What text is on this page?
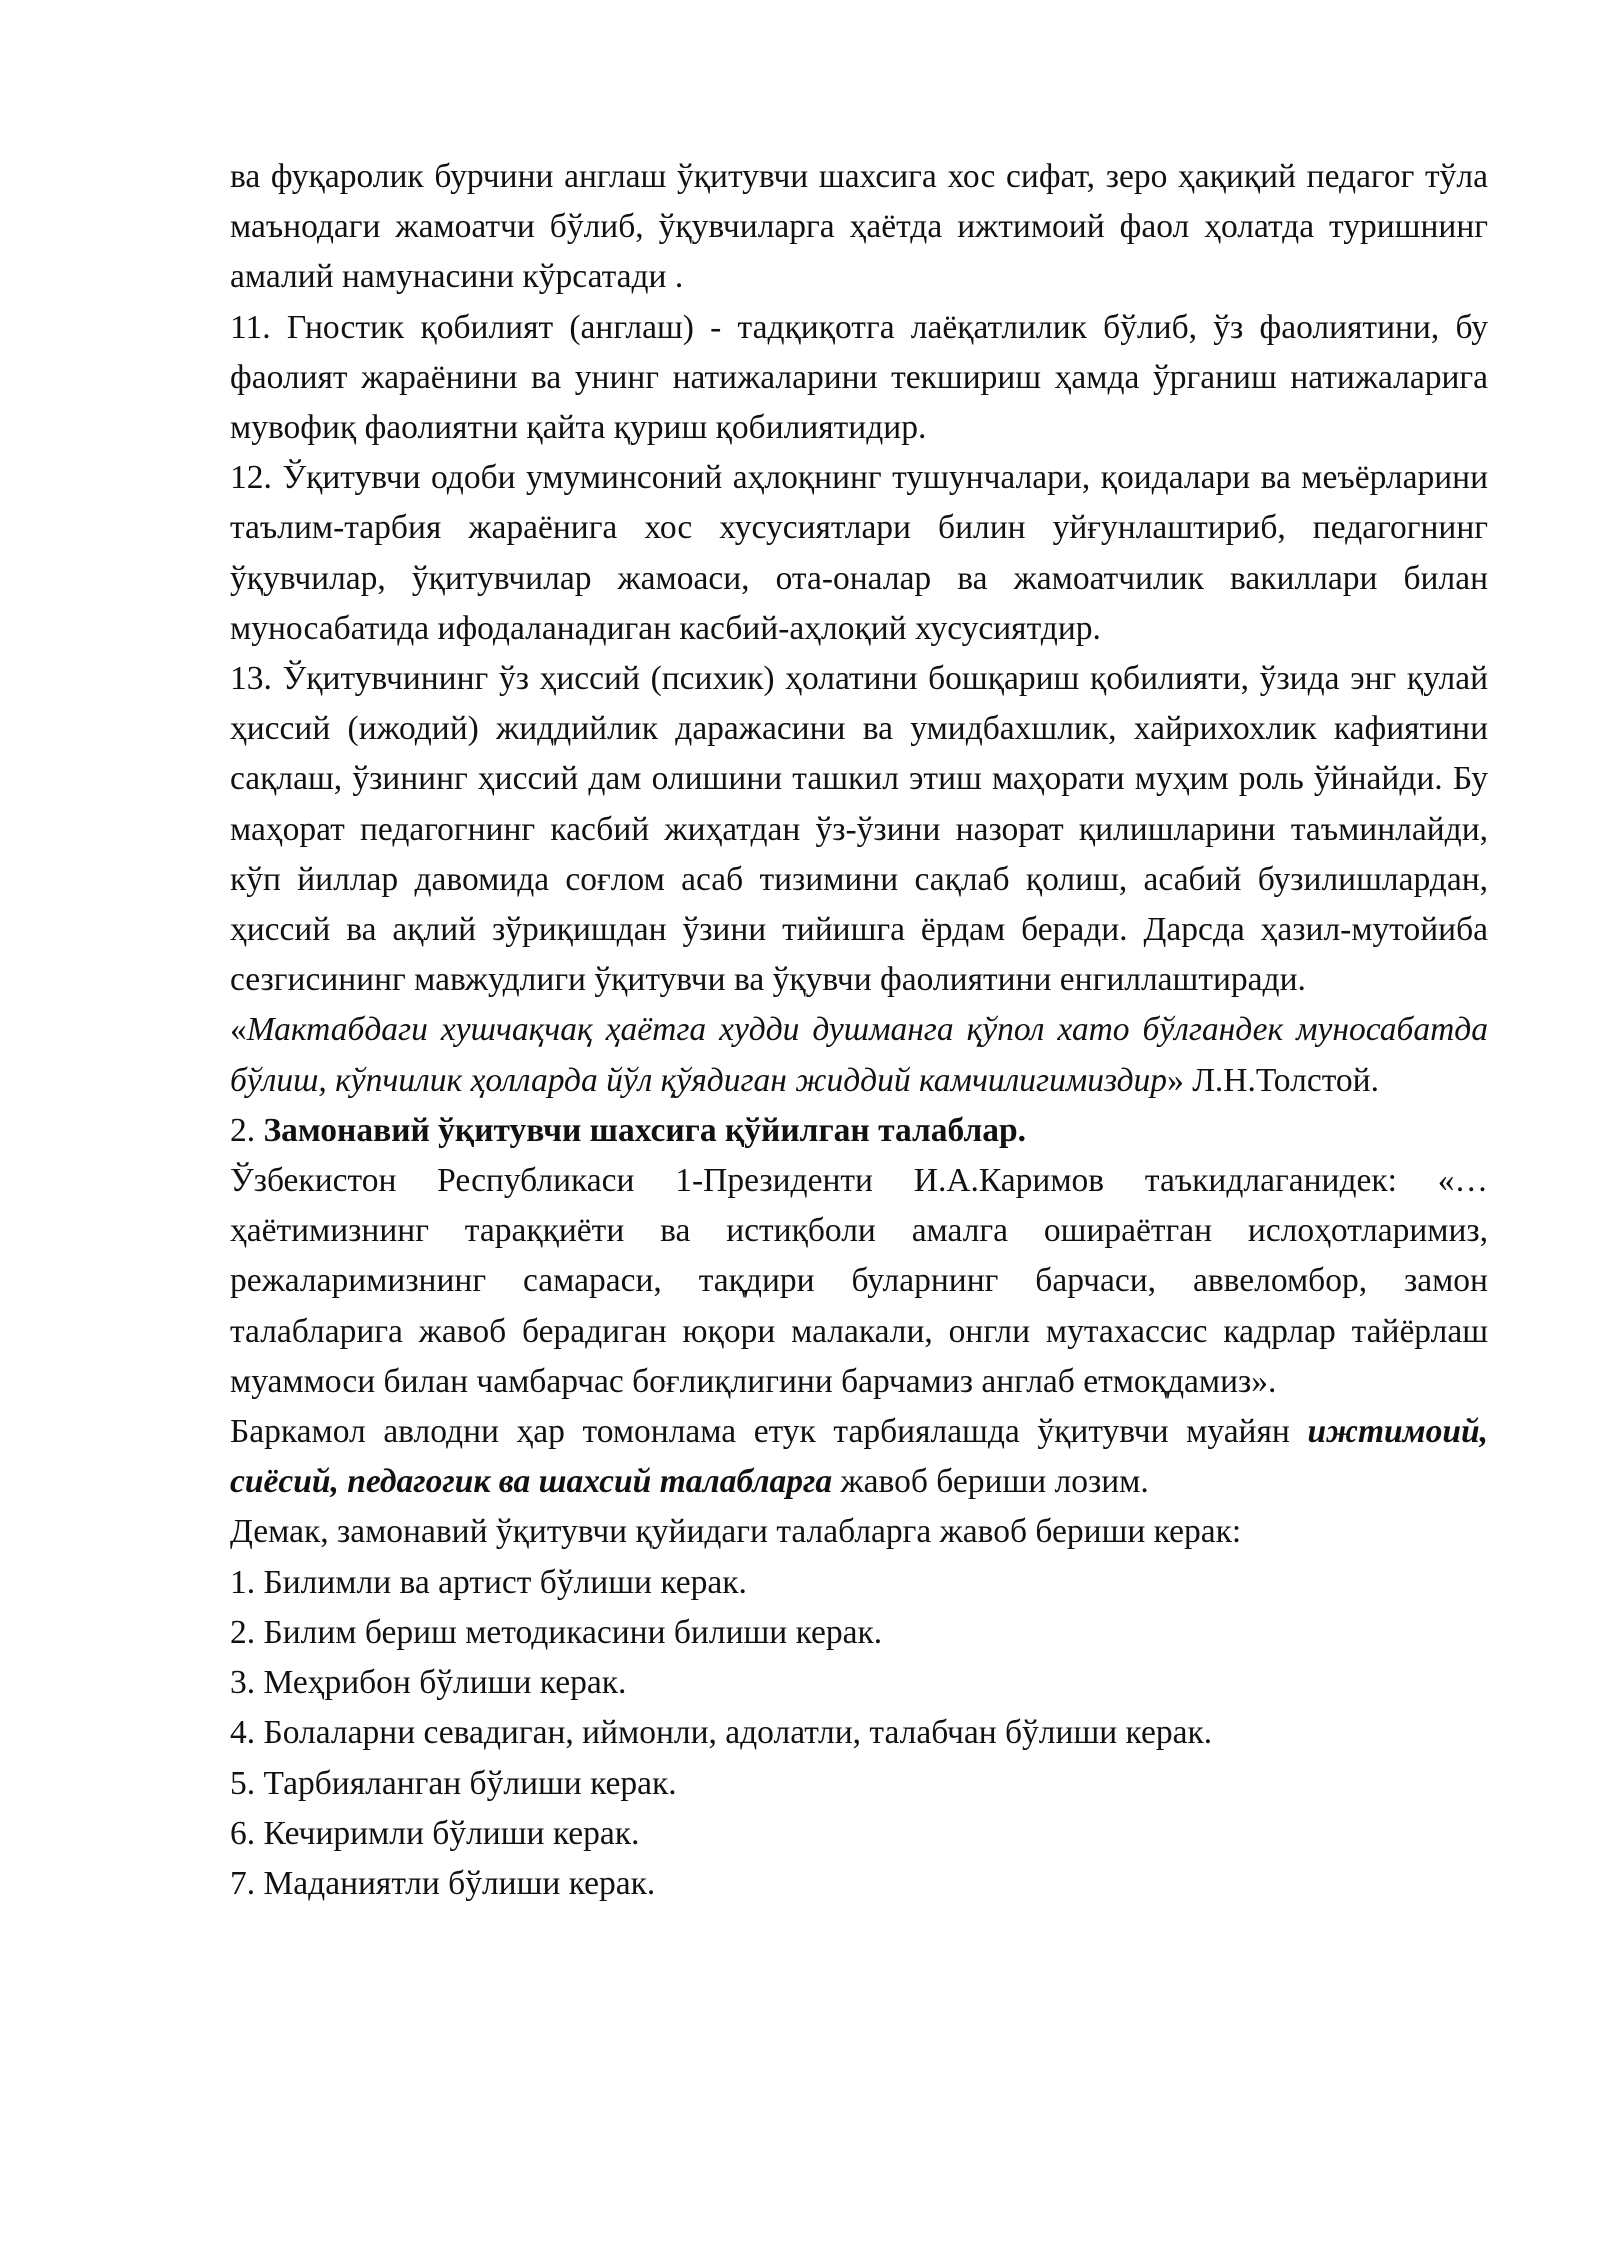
ва фуқаролик бурчини англаш ўқитувчи шахсига хос сифат, зеро ҳақиқий педагог тўла маънодаги жамоатчи бўлиб, ўқувчиларга ҳаётда ижтимоий фаол ҳолатда туришнинг амалий намунасини кўрсатади .

11. Гностик қобилият (англаш) - тадқиқотга лаёқатлилик бўлиб, ўз фаолиятини, бу фаолият жараёнини ва унинг натижаларини текшириш ҳамда ўрганиш натижаларига мувофиқ фаолиятни қайта қуриш қобилиятидир.

12. Ўқитувчи одоби умуминсоний аҳлоқнинг тушунчалари, қоидалари ва меъёрларини таълим-тарбия жараёнига хос хусусиятлари билин уйғунлаштириб, педагогнинг ўқувчилар, ўқитувчилар жамоаси, ота-оналар ва жамоатчилик вакиллари билан муносабатида ифодаланадиган касбий-аҳлоқий хусусиятдир.

13. Ўқитувчининг ўз ҳиссий (психик) ҳолатини бошқариш қобилияти, ўзида энг қулай ҳиссий (ижодий) жиддийлик даражасини ва умидбахшлик, хайрихохлик кафиятини сақлаш, ўзининг ҳиссий дам олишини ташкил этиш маҳорати муҳим роль ўйнайди. Бу маҳорат педагогнинг касбий жиҳатдан ўз-ўзини назорат қилишларини таъминлайди, кўп йиллар давомида соғлом асаб тизимини сақлаб қолиш, асабий бузилишлардан, ҳиссий ва ақлий зўриқишдан ўзини тийишга ёрдам беради. Дарсда ҳазил-мутойиба сезгисининг мавжудлиги ўқитувчи ва ўқувчи фаолиятини енгиллаштиради.

«Мактабдаги хушчақчақ ҳаётга худди душманга қўпол хато бўлгандек муносабатда бўлиш, кўпчилик ҳолларда йўл қўядиган жиддий камчилигимиздир» Л.Н.Толстой.

2. Замонавий ўқитувчи шахсига қўйилган талаблар.

Ўзбекистон Республикаси 1-Президенти И.А.Каримов таъкидлаганидек: «…

ҳаётимизнинг тараққиёти ва истиқболи амалга ошираётган ислоҳотларимиз, режаларимизнинг самараси, тақдири буларнинг барчаси, аввеломбор, замон талабларига жавоб берадиган юқори малакали, онгли мутахассис кадрлар тайёрлаш муаммоси билан чамбарчас боғлиқлигини барчамиз англаб етмоқдамиз».

Баркамол авлодни ҳар томонлама етук тарбиялашда ўқитувчи муайян ижтимоий, сиёсий, педагогик ва шахсий талабларга жавоб бериши лозим.

Демак, замонавий ўқитувчи қуйидаги талабларга жавоб бериши керак:

1. Билимли ва артист бўлиши керак.

2. Билим бериш методикасини билиши керак.

3. Меҳрибон бўлиши керак.

4. Болаларни севадиган, иймонли, адолатли, талабчан бўлиши керак.

5. Тарбияланган бўлиши керак.

6. Кечиримли бўлиши керак.

7. Маданиятли бўлиши керак.
